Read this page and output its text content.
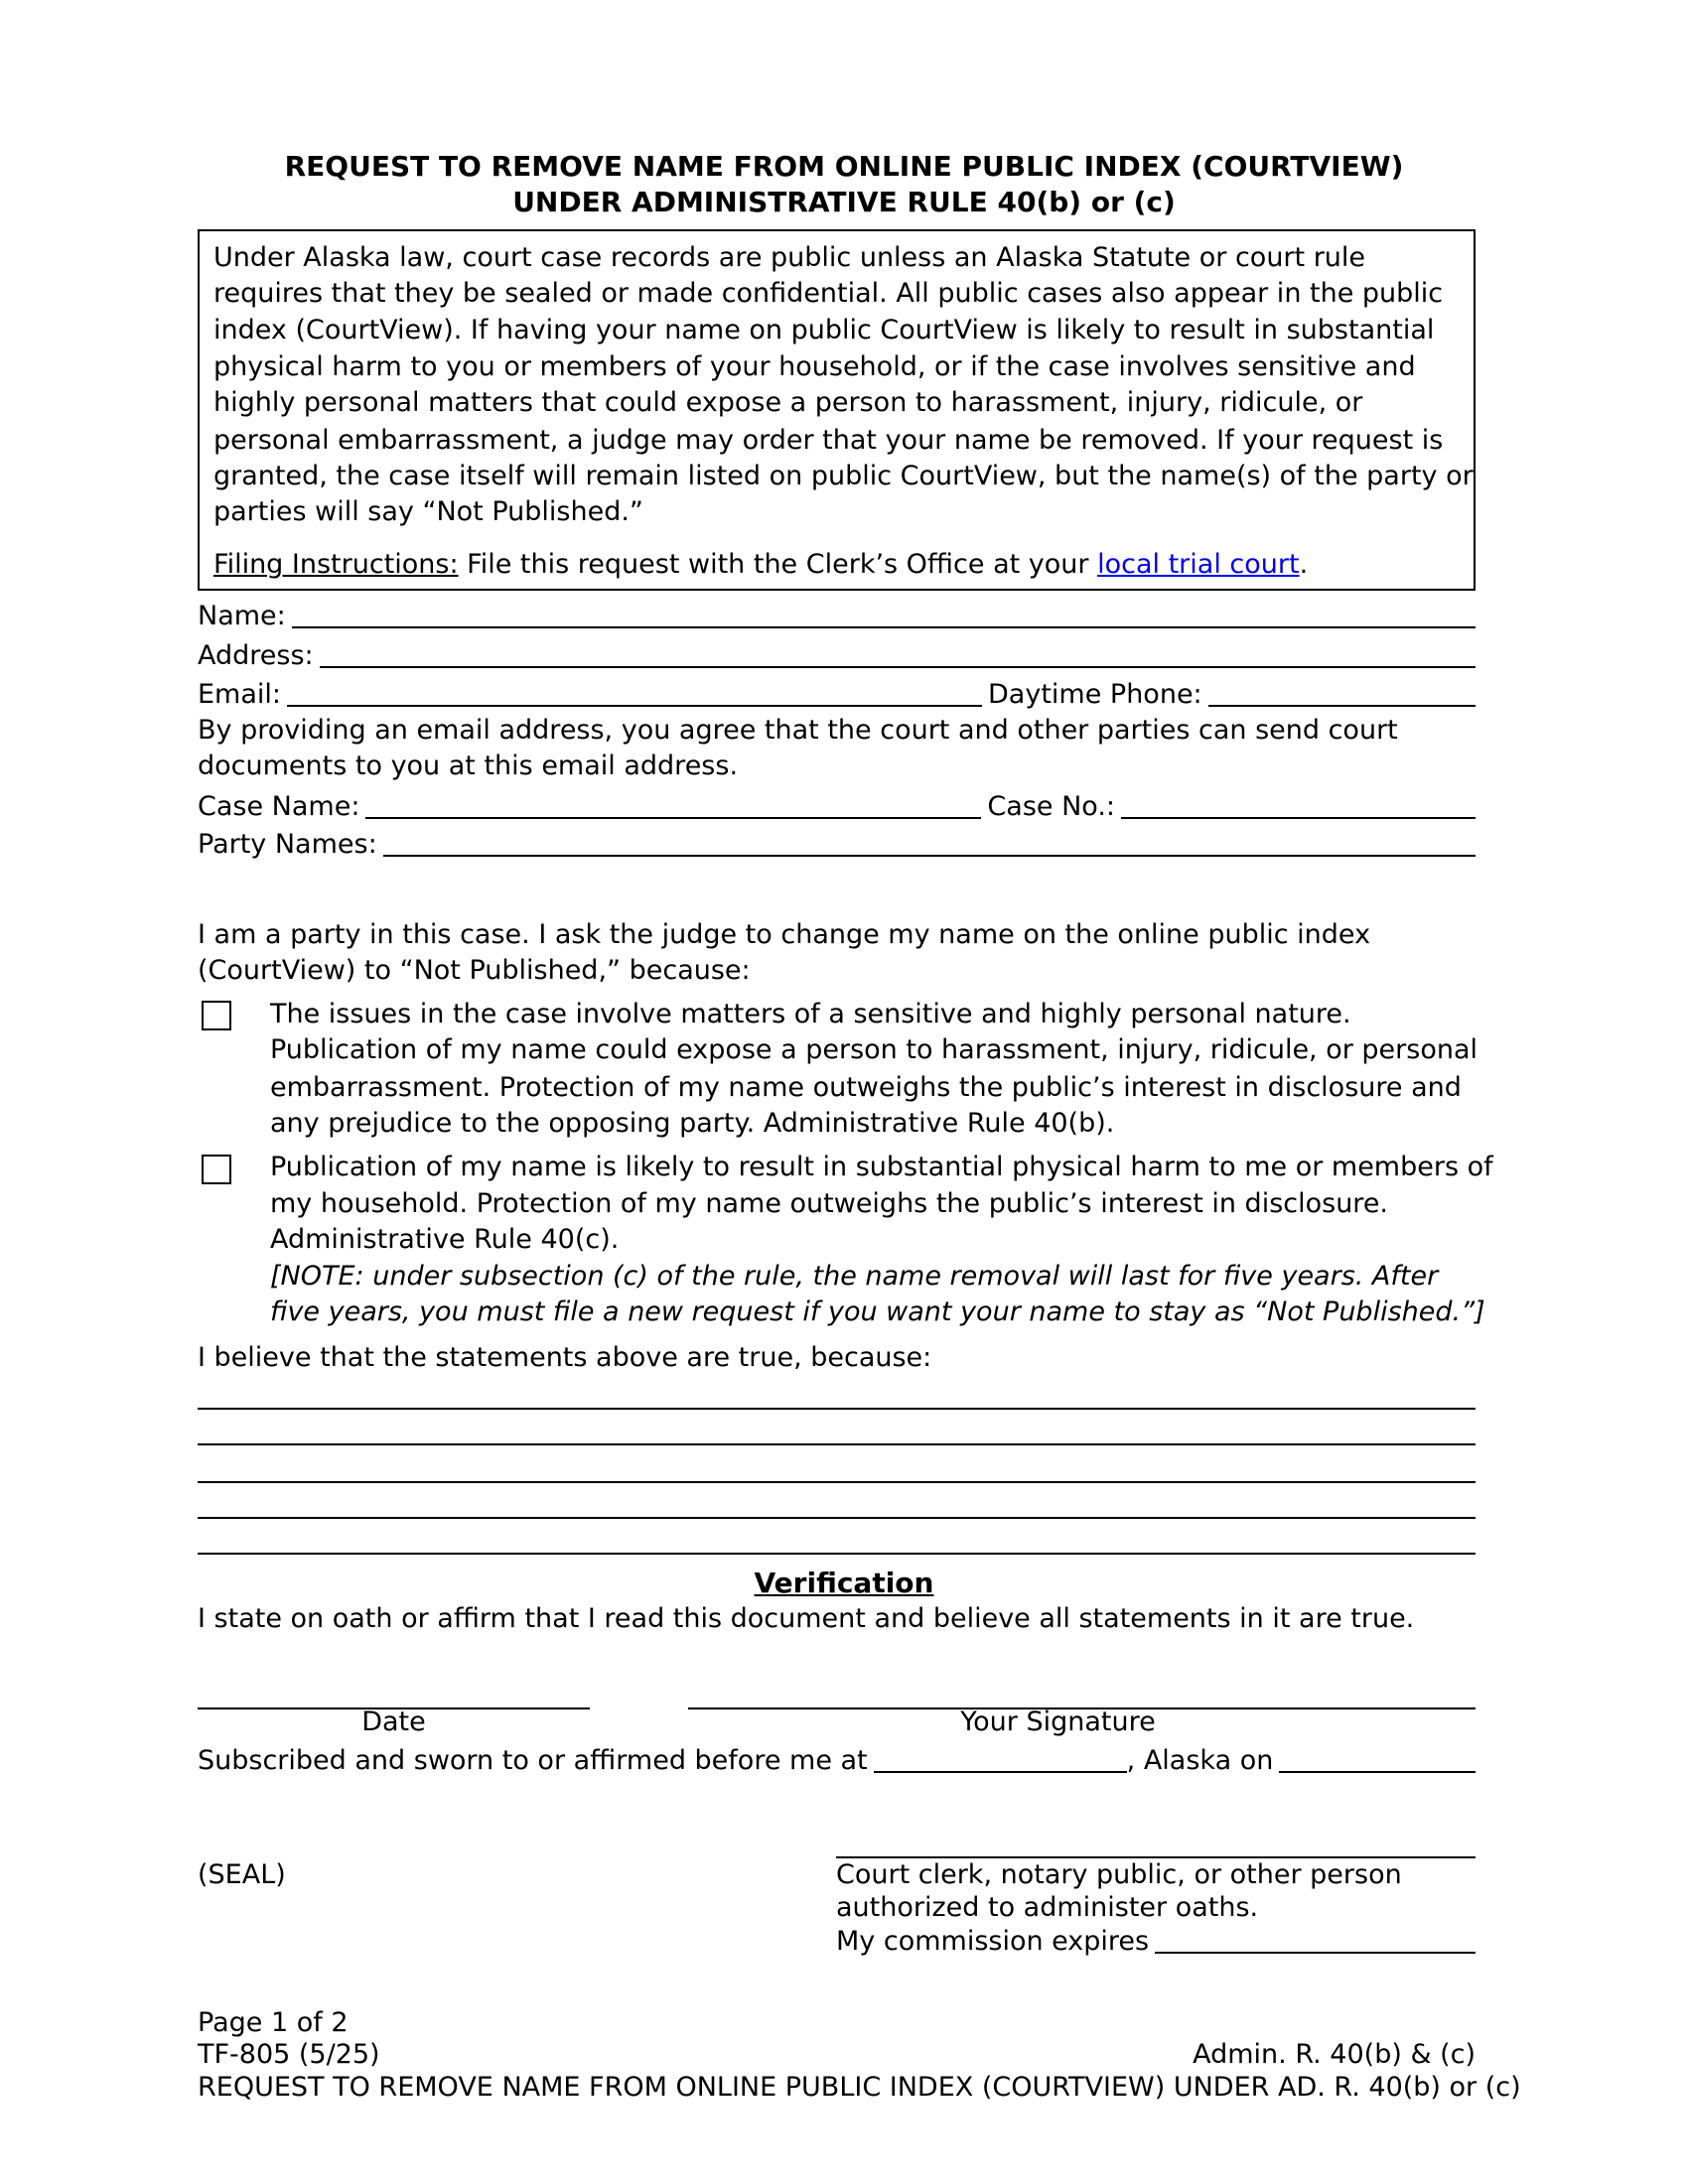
REQUEST TO REMOVE NAME FROM ONLINE PUBLIC INDEX (COURTVIEW)
UNDER ADMINISTRATIVE RULE 40(b) or (c)
Under Alaska law, court case records are public unless an Alaska Statute or court rule
requires that they be sealed or made confidential. All public cases also appear in the public
index (CourtView). If having your name on public CourtView is likely to result in substantial
physical harm to you or members of your household, or if the case involves sensitive and
highly personal matters that could expose a person to harassment, injury, ridicule, or
personal embarrassment, a judge may order that your name be removed. If your request is
granted, the case itself will remain listed on public CourtView, but the name(s) of the party or
parties will say “Not Published.”
Filing Instructions: File this request with the Clerk’s Office at your local trial court.
Name:
Address:
Email:	Daytime Phone:
By providing an email address, you agree that the court and other parties can send court
documents to you at this email address.
Case Name:	Case No.:
Party Names:
I am a party in this case. I ask the judge to change my name on the online public index
(CourtView) to “Not Published,” because:
The issues in the case involve matters of a sensitive and highly personal nature.
Publication of my name could expose a person to harassment, injury, ridicule, or personal
embarrassment. Protection of my name outweighs the public’s interest in disclosure and
any prejudice to the opposing party. Administrative Rule 40(b).
Publication of my name is likely to result in substantial physical harm to me or members of
my household. Protection of my name outweighs the public’s interest in disclosure.
Administrative Rule 40(c).
[NOTE: under subsection (c) of the rule, the name removal will last for five years. After
five years, you must file a new request if you want your name to stay as “Not Published.”]
I believe that the statements above are true, because:
Verification
I state on oath or affirm that I read this document and believe all statements in it are true.
Date	Your Signature
Subscribed and sworn to or affirmed before me at	, Alaska on
(SEAL)	Court clerk, notary public, or other person
authorized to administer oaths.
My commission expires
Page 1 of 2
TF-805 (5/25)	Admin. R. 40(b) & (c)
REQUEST TO REMOVE NAME FROM ONLINE PUBLIC INDEX (COURTVIEW) UNDER AD. R. 40(b) or (c)
